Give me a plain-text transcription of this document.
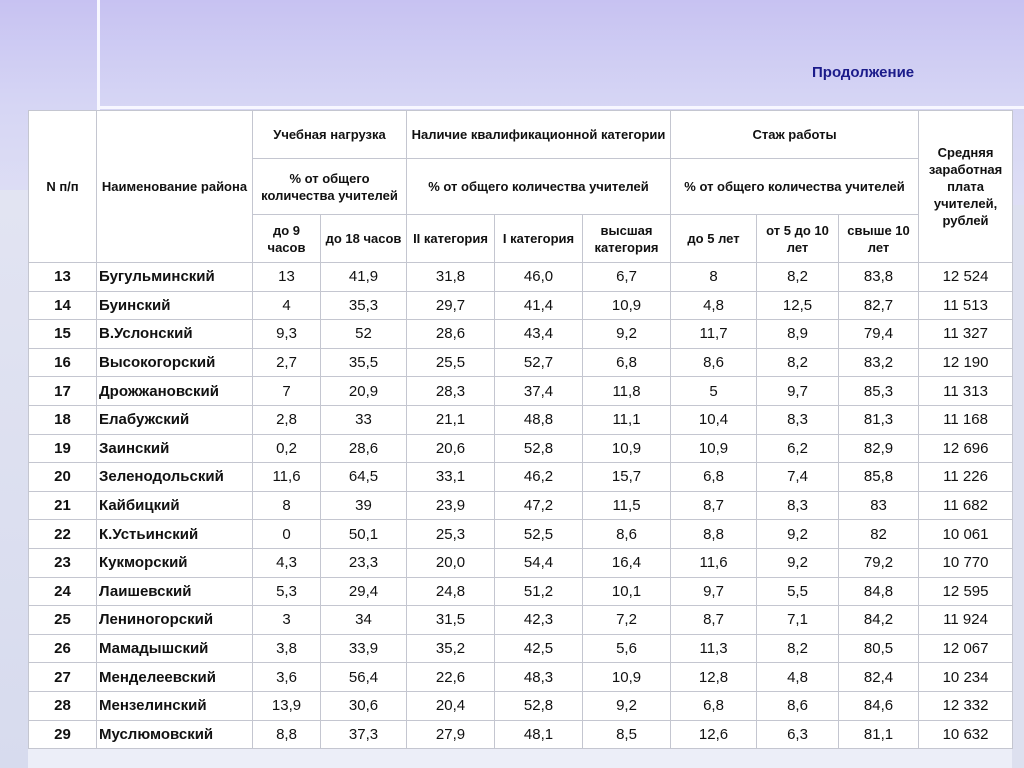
Продолжение
N п/п	Наименование района	Учебная нагрузка		Наличие квалификационной категории			Стаж работы			Средняя заработная плата учителей, рублей
		% от общего количества учителей		% от общего количества учителей			% от общего количества учителей			
		до 9 часов	до 18 часов	II категория	I категория	высшая категория	до 5 лет	от 5 до 10 лет	свыше 10 лет	
13	Бугульминский	13	41,9	31,8	46,0	6,7	8	8,2	83,8	12 524
14	Буинский	4	35,3	29,7	41,4	10,9	4,8	12,5	82,7	11 513
15	В.Услонский	9,3	52	28,6	43,4	9,2	11,7	8,9	79,4	11 327
16	Высокогорский	2,7	35,5	25,5	52,7	6,8	8,6	8,2	83,2	12 190
17	Дрожжановский	7	20,9	28,3	37,4	11,8	5	9,7	85,3	11 313
18	Елабужский	2,8	33	21,1	48,8	11,1	10,4	8,3	81,3	11 168
19	Заинский	0,2	28,6	20,6	52,8	10,9	10,9	6,2	82,9	12 696
20	Зеленодольский	11,6	64,5	33,1	46,2	15,7	6,8	7,4	85,8	11 226
21	Кайбицкий	8	39	23,9	47,2	11,5	8,7	8,3	83	11 682
22	К.Устьинский	0	50,1	25,3	52,5	8,6	8,8	9,2	82	10 061
23	Кукморский	4,3	23,3	20,0	54,4	16,4	11,6	9,2	79,2	10 770
24	Лаишевский	5,3	29,4	24,8	51,2	10,1	9,7	5,5	84,8	12 595
25	Лениногорский	3	34	31,5	42,3	7,2	8,7	7,1	84,2	11 924
26	Мамадышский	3,8	33,9	35,2	42,5	5,6	11,3	8,2	80,5	12 067
27	Менделеевский	3,6	56,4	22,6	48,3	10,9	12,8	4,8	82,4	10 234
28	Мензелинский	13,9	30,6	20,4	52,8	9,2	6,8	8,6	84,6	12 332
29	Муслюмовский	8,8	37,3	27,9	48,1	8,5	12,6	6,3	81,1	10 632
